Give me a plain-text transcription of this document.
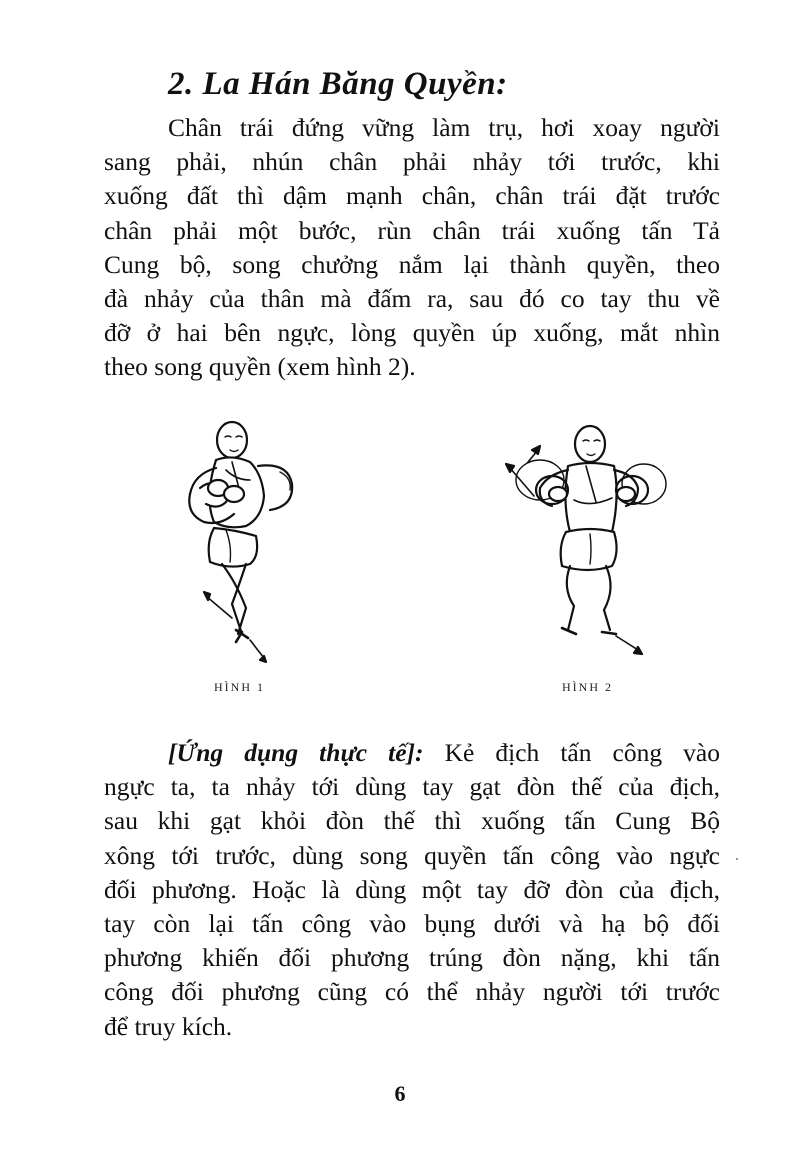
2. La Hán Băng Quyền:

Chân trái đứng vững làm trụ, hơi xoay người
sang phải, nhún chân phải nhảy tới trước, khi
xuống đất thì dậm mạnh chân, chân trái đặt trước
chân phải một bước, rùn chân trái xuống tấn Tả
Cung bộ, song chưởng nắm lại thành quyền, theo
đà nhảy của thân mà đấm ra, sau đó co tay thu về
đỡ ở hai bên ngực, lòng quyền úp xuống, mắt nhìn
theo song quyền (xem hình 2).

HÌNH 1	HÌNH 2

[Ứng dụng thực tế]: Kẻ địch tấn công vào
ngực ta, ta nhảy tới dùng tay gạt đòn thế của địch,
sau khi gạt khỏi đòn thế thì xuống tấn Cung Bộ
xông tới trước, dùng song quyền tấn công vào ngực
đối phương. Hoặc là dùng một tay đỡ đòn của địch,
tay còn lại tấn công vào bụng dưới và hạ bộ đối
phương khiến đối phương trúng đòn nặng, khi tấn
công đối phương cũng có thể nhảy người tới trước
để truy kích.

6
